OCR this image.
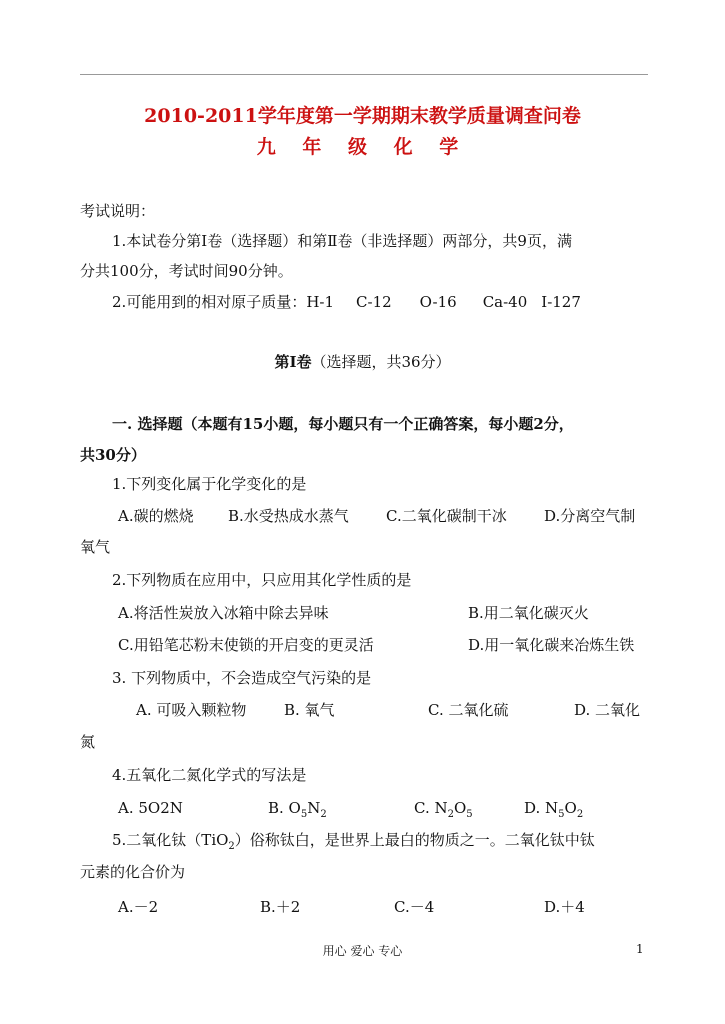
2010-2011学年度第一学期期末教学质量调查问卷
九 年 级 化 学
考试说明：
1.本试卷分第Ⅰ卷（选择题）和第Ⅱ卷（非选择题）两部分，共9页，满
分共100分，考试时间90分钟。
2.可能用到的相对原子质量：H-1 C-12 O-16 Ca-40 I-127
第Ⅰ卷（选择题，共36分）
一. 选择题（本题有15小题，每小题只有一个正确答案，每小题2分，
共30分）
1.下列变化属于化学变化的是
A.碳的燃烧 B.水受热成水蒸气 C.二氧化碳制干冰 D.分离空气制
氧气
2.下列物质在应用中，只应用其化学性质的是
A.将活性炭放入冰箱中除去异味	B.用二氧化碳灭火
C.用铅笔芯粉末使锁的开启变的更灵活	D.用一氧化碳来冶炼生铁
3. 下列物质中，不会造成空气污染的是
A. 可吸入颗粒物	B. 氧气	C. 二氧化硫	D. 二氧化
氮
4.五氧化二氮化学式的写法是
A. 5O2N	B. $O_5N_2$	C. $N_2O_5$	D. $N_5O_2$
5.二氧化钛（TiO$_2$）俗称钛白，是世界上最白的物质之一。二氧化钛中钛
元素的化合价为
A.－2	B.＋2	C.－4	D.＋4
用心 爱心 专心	1
